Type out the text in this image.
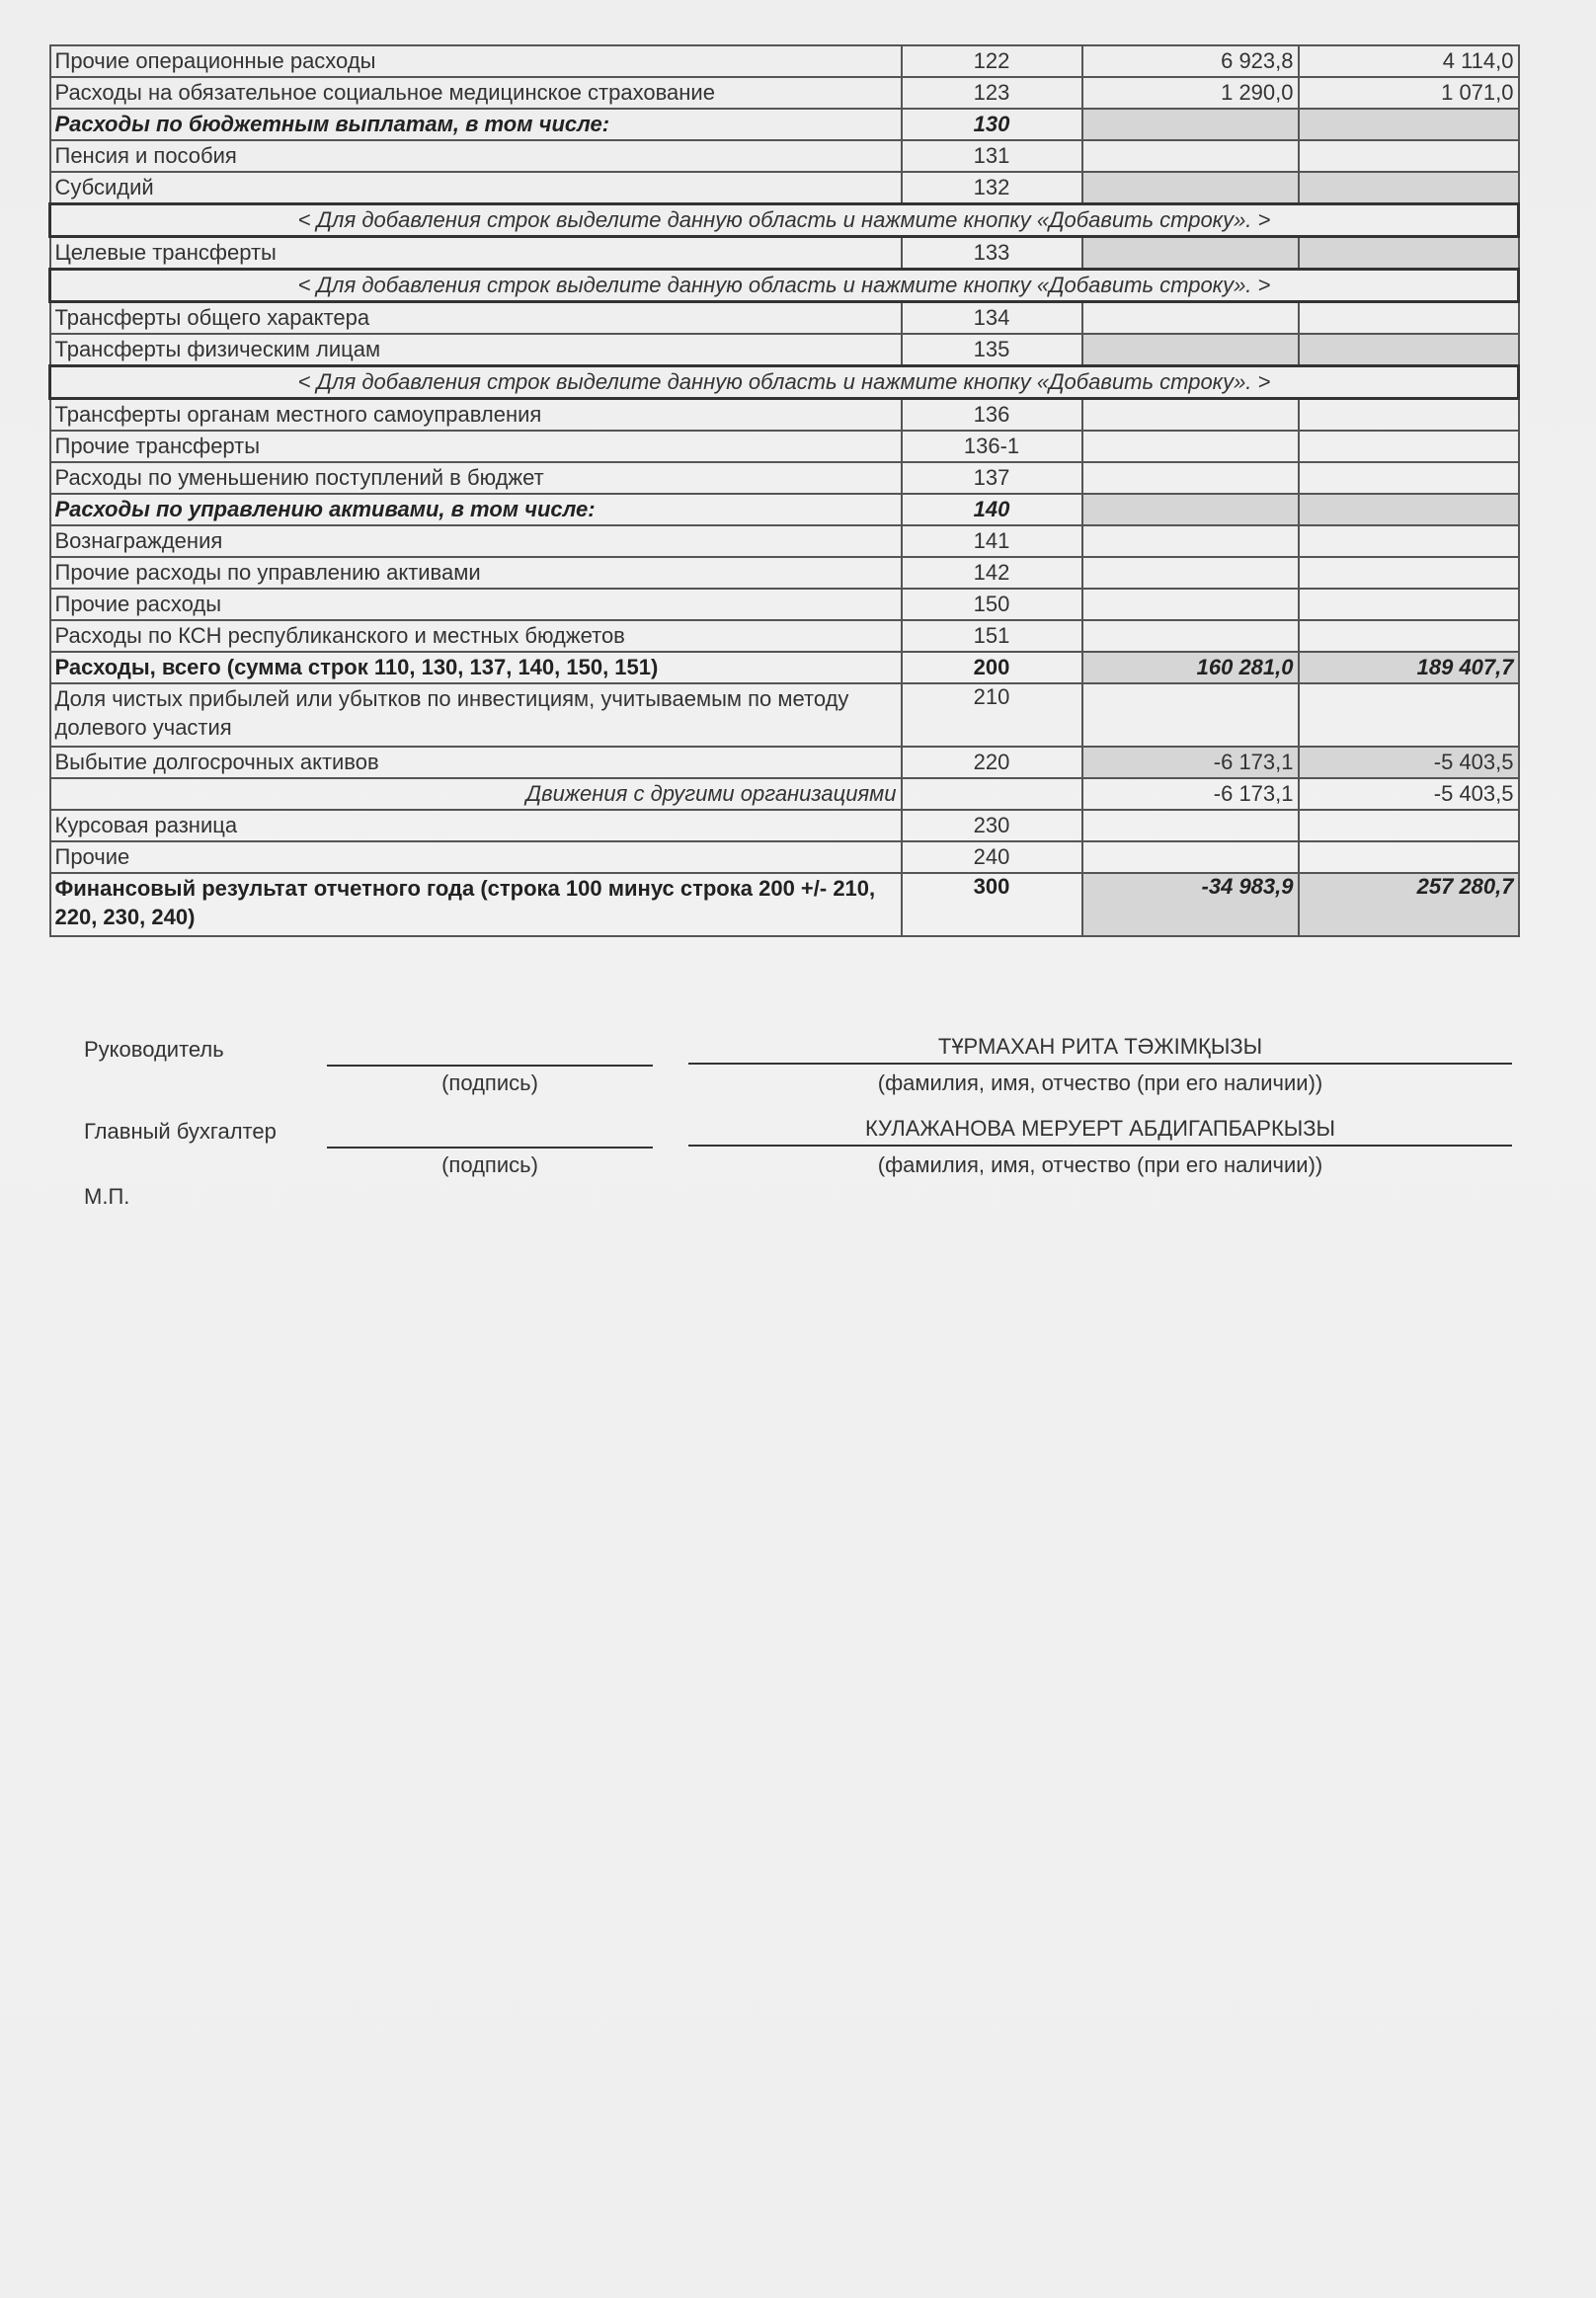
Прочие операционные расходы	122	6 923,8	4 114,0
Расходы на обязательное социальное медицинское страхование	123	1 290,0	1 071,0
Расходы по бюджетным выплатам, в том числе:	130		
Пенсия и пособия	131		
Субсидий	132		
< Для добавления строк выделите данную область и нажмите кнопку «Добавить строку». >			
Целевые трансферты	133		
< Для добавления строк выделите данную область и нажмите кнопку «Добавить строку». >			
Трансферты общего характера	134		
Трансферты физическим лицам	135		
< Для добавления строк выделите данную область и нажмите кнопку «Добавить строку». >			
Трансферты органам местного самоуправления	136		
Прочие трансферты	136-1		
Расходы по уменьшению поступлений в бюджет	137		
Расходы по управлению активами, в том числе:	140		
Вознаграждения	141		
Прочие расходы по управлению активами	142		
Прочие расходы	150		
Расходы по КСН республиканского и местных бюджетов	151		
Расходы, всего (сумма строк 110, 130, 137, 140, 150, 151)	200	160 281,0	189 407,7
Доля чистых прибылей или убытков по инвестициям, учитываемым по методу долевого участия	210		
Выбытие долгосрочных активов	220	-6 173,1	-5 403,5
Движения с другими организациями		-6 173,1	-5 403,5
Курсовая разница	230		
Прочие	240		
Финансовый результат отчетного года (строка 100 минус строка 200 +/- 210, 220, 230, 240)	300	-34 983,9	257 280,7
Руководитель	ТҰРМАХАН РИТА ТӘЖІМҚЫЗЫ
(подпись)	(фамилия, имя, отчество (при его наличии))
Главный бухгалтер	КУЛАЖАНОВА МЕРУЕРТ АБДИГАПБАРКЫЗЫ
(подпись)	(фамилия, имя, отчество (при его наличии))
М.П.
